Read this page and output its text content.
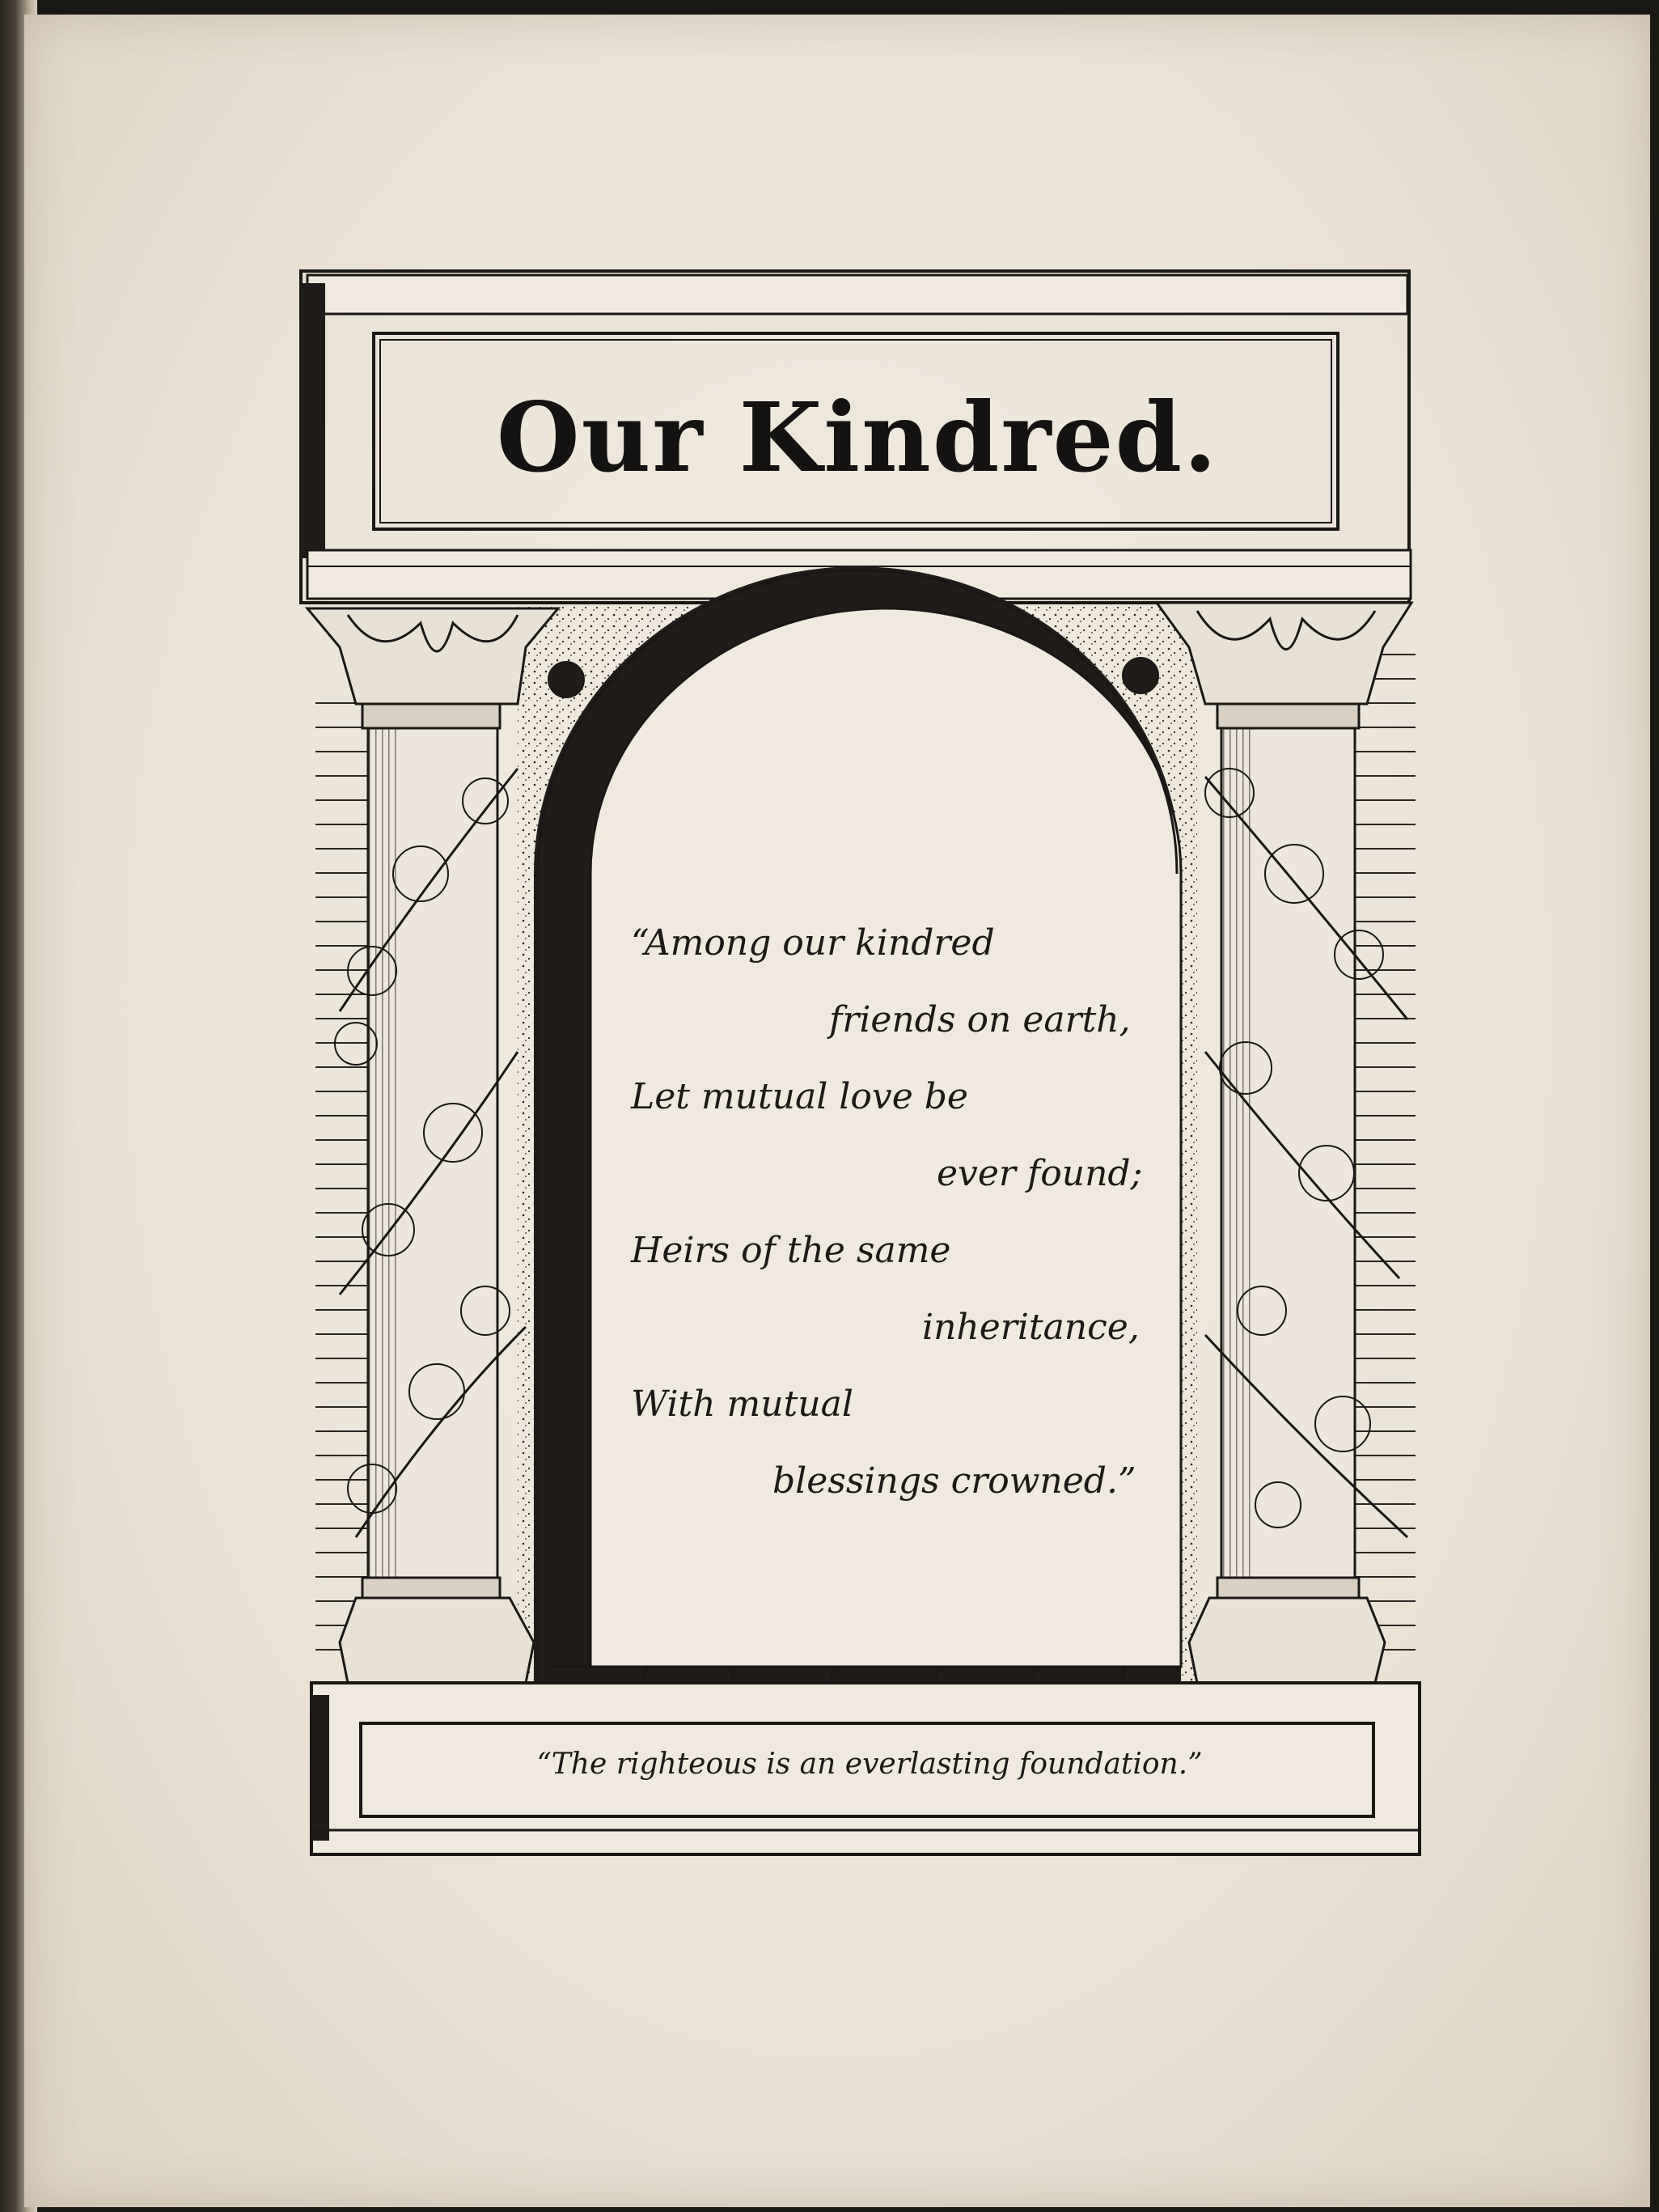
Our Kindred.
“Among our kindred
friends on earth,
Let mutual love be
ever found;
Heirs of the same
inheritance,
With mutual
blessings crowned.”
“The righteous is an everlasting foundation.”
